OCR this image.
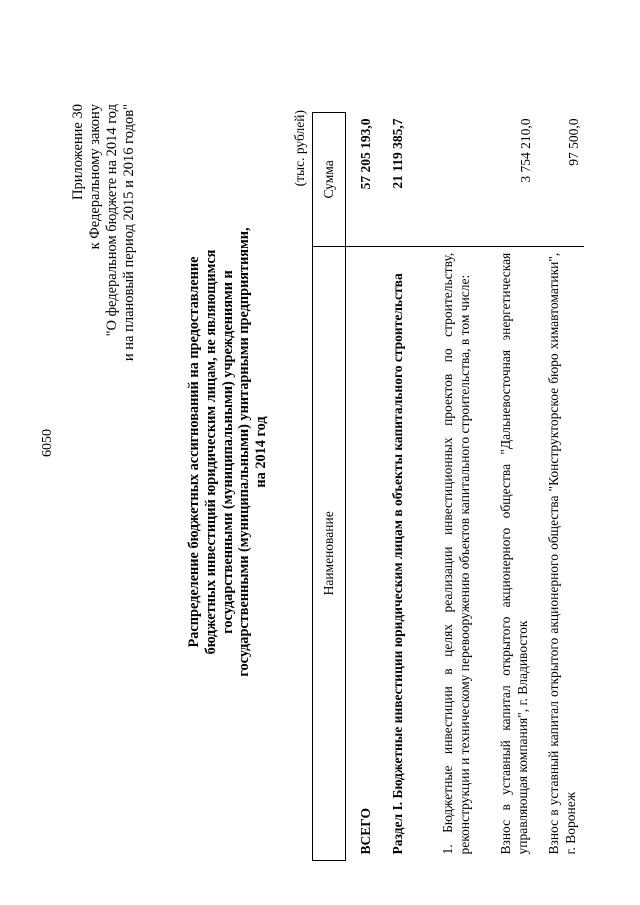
6050
Приложение 30 к Федеральному закону "О федеральном бюджете на 2014 год и на плановый период 2015 и 2016 годов"
Распределение бюджетных ассигнований на предоставление бюджетных инвестиций юридическим лицам, не являющимся государственными (муниципальными) учреждениями и государственными (муниципальными) унитарными предприятиями, на 2014 год
(тыс. рублей)
Наименование	Сумма
ВСЕГО	57 205 193,0
Раздел I. Бюджетные инвестиции юридическим лицам в объекты капитального строительства	21 119 385,7
1. Бюджетные инвестиции в целях реализации инвестиционных проектов по строительству, реконструкции и техническому перевооружению объектов капитального строительства, в том числе:	
Взнос в уставный капитал открытого акционерного общества "Дальневосточная энергетическая управляющая компания", г. Владивосток	3 754 210,0
Взнос в уставный капитал открытого акционерного общества "Конструкторское бюро химавтоматики", г. Воронеж	97 500,0
